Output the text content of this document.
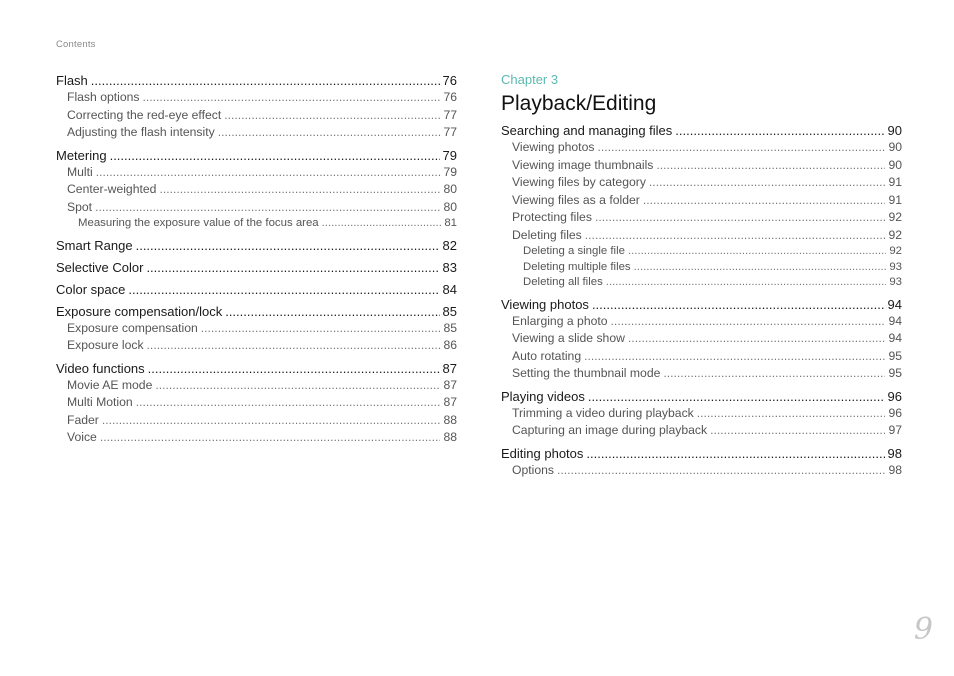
Contents
Flash .....	76
Flash options .....	76
Correcting the red-eye effect .....	77
Adjusting the flash intensity .....	77
Metering .....	79
Multi .....	79
Center-weighted .....	80
Spot .....	80
Measuring the exposure value of the focus area .....	81
Smart Range .....	82
Selective Color .....	83
Color space .....	84
Exposure compensation/lock .....	85
Exposure compensation .....	85
Exposure lock .....	86
Video functions .....	87
Movie AE mode .....	87
Multi Motion .....	87
Fader .....	88
Voice .....	88
Chapter 3
Playback/Editing
Searching and managing files .....	90
Viewing photos .....	90
Viewing image thumbnails .....	90
Viewing files by category .....	91
Viewing files as a folder .....	91
Protecting files .....	92
Deleting files .....	92
Deleting a single file .....	92
Deleting multiple files .....	93
Deleting all files .....	93
Viewing photos .....	94
Enlarging a photo .....	94
Viewing a slide show .....	94
Auto rotating .....	95
Setting the thumbnail mode .....	95
Playing videos .....	96
Trimming a video during playback .....	96
Capturing an image during playback .....	97
Editing photos .....	98
Options .....	98
9
